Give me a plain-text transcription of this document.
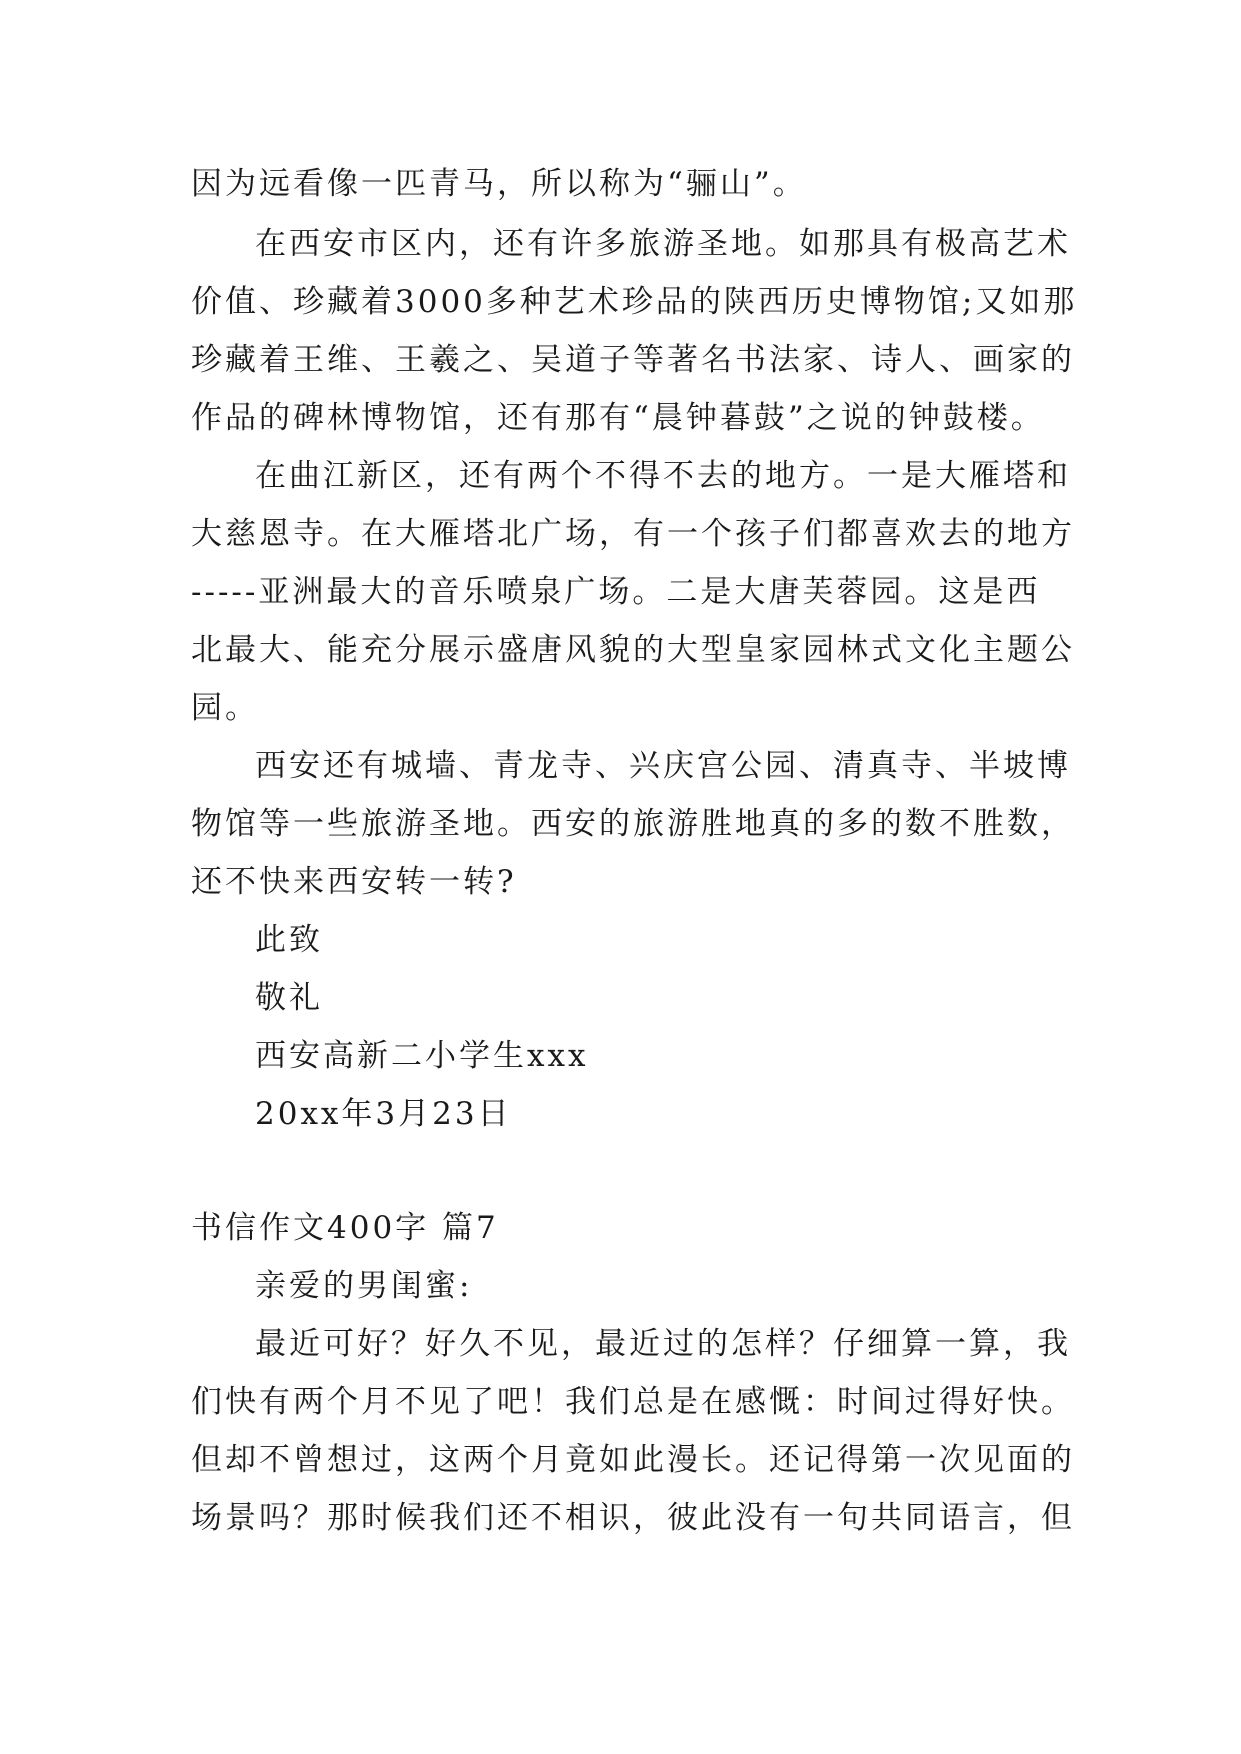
因为远看像一匹青马，所以称为“骊山”。
在西安市区内，还有许多旅游圣地。如那具有极高艺术
价值、珍藏着3000多种艺术珍品的陕西历史博物馆;又如那
珍藏着王维、王羲之、吴道子等著名书法家、诗人、画家的
作品的碑林博物馆，还有那有“晨钟暮鼓”之说的钟鼓楼。
在曲江新区，还有两个不得不去的地方。一是大雁塔和
大慈恩寺。在大雁塔北广场，有一个孩子们都喜欢去的地方
-----亚洲最大的音乐喷泉广场。二是大唐芙蓉园。这是西
北最大、能充分展示盛唐风貌的大型皇家园林式文化主题公
园。
西安还有城墙、青龙寺、兴庆宫公园、清真寺、半坡博
物馆等一些旅游圣地。西安的旅游胜地真的多的数不胜数，
还不快来西安转一转?
此致
敬礼
西安高新二小学生xxx
20xx年3月23日
书信作文400字 篇7
亲爱的男闺蜜:
最近可好？好久不见，最近过的怎样？仔细算一算，我
们快有两个月不见了吧！我们总是在感慨：时间过得好快。
但却不曾想过，这两个月竟如此漫长。还记得第一次见面的
场景吗？那时候我们还不相识，彼此没有一句共同语言，但
